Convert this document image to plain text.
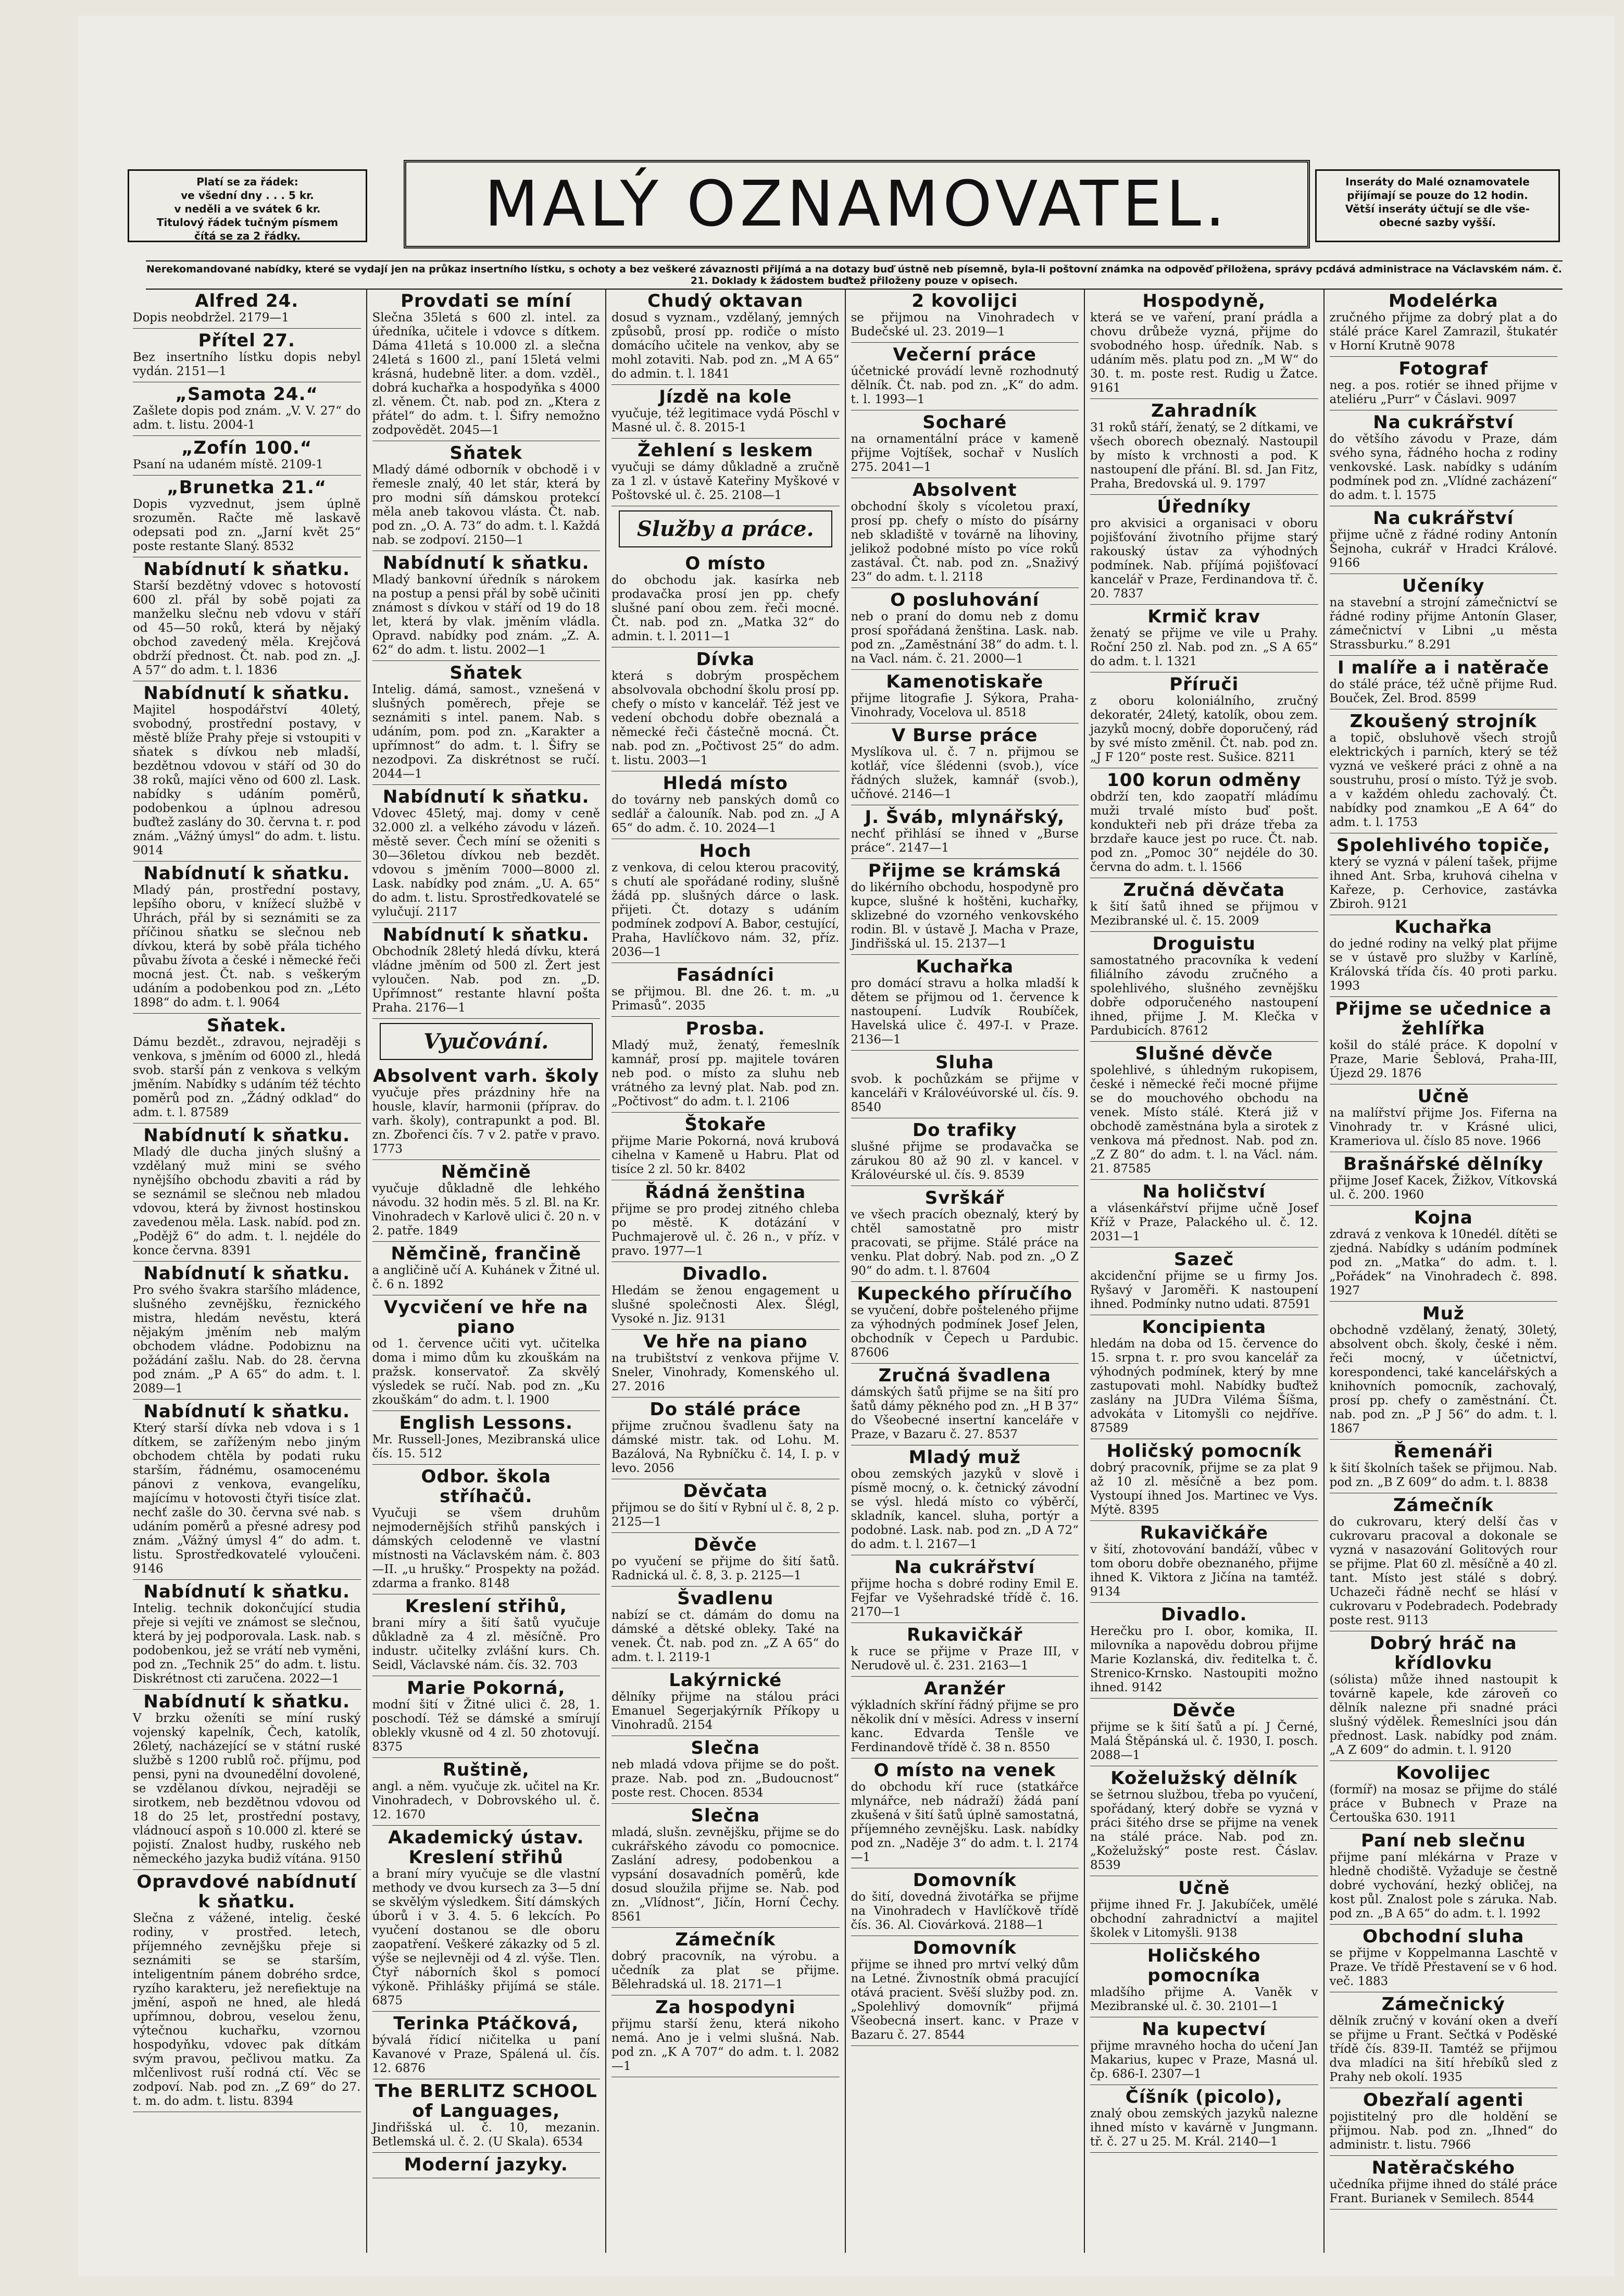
Platí se za řádek:
ve všední dny . . . 5 kr.
v neděli a ve svátek 6 kr.
Titulový řádek tučným písmem
čítá se za 2 řádky.	MALÝ OZNAMOVATEL.	Inseráty do Malé oznamovatele
přijímají se pouze do 12 hodin.
Větší inseráty účtují se dle vše-
obecné sazby vyšší.
Nerekomandované nabídky, které se vydají jen na průkaz insertního lístku, s ochoty a bez veškeré závaznosti přijímá a na dotazy buď ústně neb písemně, byla-li poštovní známka na odpověď přiložena, správy pcdává administrace na Václavském nám. č. 21. Doklady k žádostem buďtež přiloženy pouze v opisech.
Alfred 24.

Dopis neobdržel. 2179—1

Přítel 27.

Bez insertního lístku dopis nebyl vydán. 2151—1

„Samota 24.“

Zašlete dopis pod znám. „V. V. 27“ do adm. t. listu. 2004-1

„Zofín 100.“

Psaní na udaném místě. 2109-1

„Brunetka 21.“

Dopis vyzvednut, jsem úplně srozuměn. Račte mě laskavě odepsati pod zn. „Jarní květ 25“ poste restante Slaný. 8532

Nabídnutí k sňatku.

Starší bezdětný vdovec s hotovostí 600 zl. přál by sobě pojati za manželku slečnu neb vdovu v stáří od 45—50 roků, která by nějaký obchod zavedený měla. Krejčová obdrží přednost. Čt. nab. pod zn. „J. A 57“ do adm. t. l. 1836

Nabídnutí k sňatku.

Majitel hospodářství 40letý, svobodný, prostřední postavy, v městě blíže Prahy přeje si vstoupiti v sňatek s dívkou neb mladší, bezdětnou vdovou v stáří od 30 do 38 roků, majíci věno od 600 zl. Lask. nabídky s udáním poměrů, podobenkou a úplnou adresou buďtež zaslány do 30. června t. r. pod znám. „Vážný úmysl“ do adm. t. listu. 9014

Nabídnutí k sňatku.

Mladý pán, prostřední postavy, lepšího oboru, v knížecí službě v Uhrách, přál by si seznámiti se za příčinou sňatku se slečnou neb dívkou, která by sobě přála tichého půvabu žívota a české i německé řeči mocná jest. Čt. nab. s veškerým udáním a podobenkou pod zn. „Léto 1898“ do adm. t. l. 9064

Sňatek.

Dámu bezdět., zdravou, nejraději s venkova, s jměním od 6000 zl., hledá svob. starší pán z venkova s velkým jměním. Nabídky s udáním též téchto poměrů pod zn. „Žádný odklad“ do adm. t. l. 87589

Nabídnutí k sňatku.

Mladý dle ducha jiných slušný a vzdělaný muž mini se svého nynějšího obchodu zbaviti a rád by se seznámil se slečnou neb mladou vdovou, která by živnost hostinskou zavedenou měla. Lask. nabíd. pod zn. „Podějž 6“ do adm. t. l. nejdéle do konce června. 8391

Nabídnutí k sňatku.

Pro svého švakra staršího mládence, slušného zevnějšku, řeznického mistra, hledám nevěstu, která nějakým jměním neb malým obchodem vládne. Podobiznu na požádání zašlu. Nab. do 28. června pod znám. „P A 65“ do adm. t. l. 2089—1

Nabídnutí k sňatku.

Který starší dívka neb vdova i s 1 dítkem, se zaříženým nebo jiným obchodem chtěla by podati ruku starším, řádnému, osamocenému pánovi z venkova, evangelíku, majícímu v hotovosti čtyři tisíce zlat. nechť zašle do 30. června své nab. s udáním poměrů a přesné adresy pod znám. „Vážný úmysl 4“ do adm. t. listu. Sprostředkovatelé vyloučeni. 9146

Nabídnutí k sňatku.

Intelig. technik dokončující studia přeje si vejíti ve známost se slečnou, která by jej podporovala. Lask. nab. s podobenkou, jež se vrátí neb vyměni, pod zn. „Technik 25“ do adm. t. listu. Diskrétnost cti zaručena. 2022—1

Nabídnutí k sňatku.

V brzku oženíti se míní ruský vojenský kapelník, Čech, katolík, 26letý, nacházející se v státní ruské službě s 1200 rublů roč. příjmu, pod pensi, pyni na dvounedělní dovolené, se vzdělanou dívkou, nejraději se sirotkem, neb bezdětnou vdovou od 18 do 25 let, prostřední postavy, vládnoucí aspoň s 10.000 zl. které se pojistí. Znalost hudby, ruského neb německého jazyka budiž vítána. 9150

Opravdové nabídnutí k sňatku.

Slečna z vážené, intelig. české rodiny, v prostřed. letech, příjemného zevnějšku přeje si seznámiti se se starším, inteligentním pánem dobrého srdce, ryzího karakteru, jež nerefiektuje na jmění, aspoň ne hned, ale hledá upřímnou, dobrou, veselou ženu, výtečnou kuchařku, vzornou hospodyňku, vdovec pak dítkám svým pravou, pečlivou matku. Za mlčenlivost ruší rodná ctí. Věc se zodpoví. Nab. pod zn. „Z 69“ do 27. t. m. do adm. t. listu. 8394

Provdati se míní

Slečna 35letá s 600 zl. intel. za úředníka, učitele i vdovce s dítkem. Dáma 41letá s 10.000 zl. a slečna 24letá s 1600 zl., paní 15letá velmi krásná, hudebně liter. a dom. vzděl., dobrá kuchařka a hospodyňka s 4000 zl. věnem. Čt. nab. pod zn. „Ktera z přátel“ do adm. t. l. Šifry nemožno zodpovědět. 2045—1

Sňatek

Mladý dámé odborník v obchodě i v řemesle znalý, 40 let stár, která by pro modni síň dámskou protekcí měla aneb takovou vlásta. Čt. nab. pod zn. „O. A. 73“ do adm. t. l. Každá nab. se zodpoví. 2150—1

Nabídnutí k sňatku.

Mladý bankovní úředník s nárokem na postup a pensi přál by sobě učiniti známost s dívkou v stáří od 19 do 18 let, která by vlak. jměním vládla. Opravd. nabídky pod znám. „Z. A. 62“ do adm. t. listu. 2002—1

Sňatek

Intelig. dámá, samost., vznešená v slušných poměrech, přeje se seznámiti s intel. panem. Nab. s udáním, pom. pod zn. „Karakter a upřímnost“ do adm. t. l. Šifry se nezodpovi. Za diskrétnost se ručí. 2044—1

Nabídnutí k sňatku.

Vdovec 45letý, maj. domy v ceně 32.000 zl. a velkého závodu v lázeň. městě sever. Čech míní se oženiti s 30—36letou dívkou neb bezdět. vdovou s jměním 7000—8000 zl. Lask. nabídky pod znám. „U. A. 65“ do adm. t. listu. Sprostředkovatelé se vylučují. 2117

Nabídnutí k sňatku.

Obchodník 28letý hledá dívku, která vládne jměním od 500 zl. Žert jest vyloučen. Nab. pod zn. „D. Upřímnost“ restante hlavní pošta Praha. 2176—1

Vyučování.
Absolvent varh. školy

vyučuje přes prázdniny hře na housle, klavír, harmonii (příprav. do varh. školy), contrapunkt a pod. Bl. zn. Zbořenci čís. 7 v 2. patře v pravo. 1773

Němčině

vyučuje důkladně dle lehkého návodu. 32 hodin měs. 5 zl. Bl. na Kr. Vinohradech v Karlově ulici č. 20 n. v 2. patře. 1849

Němčině, frančině

a angličině učí A. Kuhánek v Žitné ul. č. 6 n. 1892

Vycvičení ve hře na piano

od 1. července učiti vyt. učitelka doma i mimo dům ku zkouškám na pražsk. konservatoř. Za skvělý výsledek se ručí. Nab. pod zn. „Ku zkouškám“ do adm. t. l. 1900

English Lessons.

Mr. Russell-Jones, Mezibranská ulice čís. 15. 512

Odbor. škola stříhačů.

Vyučuji se všem druhům nejmodernějších střihů panských i dámských celodenně ve vlastní místnosti na Václavském nám. č. 803—II. „u hrušky.“ Prospekty na požád. zdarma a franko. 8148

Kreslení střihů,

brani míry a šití šatů vyučuje důkladně za 4 zl. měsíčně. Pro industr. učitelky zvlášní kurs. Ch. Seidl, Václavské nám. čís. 32. 703

Marie Pokorná,

modní šití v Žitné ulici č. 28, 1. poschodí. Též se dámské a smírují oblekly vkusně od 4 zl. 50 zhotovují. 8375

Ruštině,

angl. a něm. vyučuje zk. učitel na Kr. Vinohradech, v Dobrovského ul. č. 12. 1670

Akademický ústav. Kreslení střihů

a braní míry vyučuje se dle vlastní methody ve dvou kursech za 3—5 dní se skvělým výsledkem. Šití dámských úborů i v 3. 4. 5. 6 lekcích. Po vyučení dostanou se dle oboru zaopatření. Veškeré zákazky od 5 zl. výše se nejlevněji od 4 zl. výše. Tlen. Čtyř náborních škol s pomocí výkoně. Přihlášky přijímá se stále. 6875

Terinka Ptáčková,

bývalá řídicí ničitelka u paní Kavanové v Praze, Spálená ul. čís. 12. 6876

The BERLITZ SCHOOL of Languages,

Jindřišská ul. č. 10, mezanin. Betlemská ul. č. 2. (U Skala). 6534

Moderní jazyky.
Chudý oktavan

dosud s vyznam., vzdělaný, jemných způsobů, prosí pp. rodiče o místo domácího učitele na venkov, aby se mohl zotaviti. Nab. pod zn. „M A 65“ do admin. t. l. 1841

Jízdě na kole

vyučuje, též legitimace vydá Pöschl v Masné ul. č. 8. 2015-1

Žehlení s leskem

vyučuji se dámy důkladně a zručně za 1 zl. v ústavě Kateřiny Myškové v Poštovské ul. č. 25. 2108—1

Služby a práce.
O místo

do obchodu jak. kasírka neb prodavačka prosí jen pp. chefy slušné paní obou zem. řeči mocné. Čt. nab. pod zn. „Matka 32“ do admin. t. l. 2011—1

Dívka

která s dobrým prospěchem absolvovala obchodní školu prosí pp. chefy o místo v kancelář. Též jest ve vedení obchodu dobře obeznalá a německé řeči částečně mocná. Čt. nab. pod zn. „Počtivost 25“ do adm. t. listu. 2003—1

Hledá místo

do továrny neb panských domů co sedlář a čalouník. Nab. pod zn. „J A 65“ do adm. č. 10. 2024—1

Hoch

z venkova, di celou kterou pracovitý, s chutí ale spořádané rodiny, slušně žádá pp. slušných dárce o lask. přijeti. Čt. dotazy s udáním podmínek zodpoví A. Babor, cestující, Praha, Havlíčkovo nám. 32, příz. 2036—1

Fasádníci

se přijmou. Bl. dne 26. t. m. „u Primasů“. 2035

Prosba.

Mladý muž, ženatý, řemeslník kamnář, prosí pp. majitele továren neb pod. o místo za sluhu neb vrátného za levný plat. Nab. pod zn. „Počtivost“ do adm. t. l. 2106

Štokaře

přijme Marie Pokorná, nová krubová cihelna v Kameně u Habru. Plat od tisíce 2 zl. 50 kr. 8402

Řádná ženština

přijme se pro prodej zitného chleba po městě. K dotázání v Puchmajerově ul. č. 26 n., v příz. v pravo. 1977—1

Divadlo.

Hledám se ženou engagement u slušné společnosti Alex. Šlégl, Vysoké n. Jiz. 9131

Ve hře na piano

na trubištství z venkova přijme V. Sneler, Vinohrady, Komenského ul. 27. 2016

Do stálé práce

přijme zručnou švadlenu šaty na dámské mistr. tak. od Lohu. M. Bazálová, Na Rybníčku č. 14, I. p. v levo. 2056

Děvčata

přijmou se do šití v Rybní ul č. 8, 2 p. 2125—1

Děvče

po vyučení se přijme do šití šatů. Radnická ul. č. 8, 3. p. 2125—1

Švadlenu

nabízí se ct. dámám do domu na dámské a dětské obleky. Také na venek. Čt. nab. pod zn. „Z A 65“ do adm. t. l. 2119-1

Lakýrnické

dělníky přijme na stálou práci Emanuel Segerjakýrník Příkopy u Vinohradů. 2154

Slečna

neb mladá vdova přijme se do pošt. praze. Nab. pod zn. „Budoucnost“ poste rest. Chocen. 8534

Slečna

mladá, slušn. zevnějšku, přijme se do cukrářského závodu co pomocnice. Zaslání adresy, podobenkou a vypsání dosavadních poměrů, kde dosud sloužila přijme se. Nab. pod zn. „Vlídnost“, Jičín, Horní Čechy. 8561

Zámečník

dobrý pracovník, na výrobu. a učedník za plat se přijme. Bělehradská ul. 18. 2171—1

Za hospodyni

přijmu starší ženu, která nikoho nemá. Ano je i velmi slušná. Nab. pod zn. „K A 707“ do adm. t. l. 2082—1

2 kovolijci

se přijmou na Vinohradech v Budečské ul. 23. 2019—1

Večerní práce

účetnické provádí levně rozhodnutý dělník. Čt. nab. pod zn. „K“ do adm. t. l. 1993—1

Socharé

na ornamentální práce v kameně přijme Vojtíšek, sochař v Nuslích 275. 2041—1

Absolvent

obchodní školy s vícoletou praxí, prosí pp. chefy o místo do písárny neb skladiště v továrně na lihoviny, jelikož podobné místo po více roků zastával. Čt. nab. pod zn. „Snaživý 23“ do adm. t. l. 2118

O posluhování

neb o praní do domu neb z domu prosí spořádaná ženština. Lask. nab. pod zn. „Zaměstnání 38“ do adm. t. l. na Vacl. nám. č. 21. 2000—1

Kamenotiskaře

přijme litografie J. Sýkora, Praha-Vinohrady, Vocelova ul. 8518

V Burse práce

Myslíkova ul. č. 7 n. přijmou se kotlář, více šlédenni (svob.), více řádných služek, kamnář (svob.), učňové. 2146—1

J. Šváb, mlynářský,

nechť přihlásí se ihned v „Burse práce“. 2147—1

Přijme se krámská

do likérního obchodu, hospodyně pro kupce, slušné k hoštěni, kuchařky, sklizebné do vzorného venkovského rodin. Bl. v ústavě J. Macha v Praze, Jindřišská ul. 15. 2137—1

Kuchařka

pro domácí stravu a holka mladší k dětem se přijmou od 1. července k nastoupení. Ludvík Roubíček, Havelská ulice č. 497-I. v Praze. 2136—1

Sluha

svob. k pochůzkám se přijme v kanceláři v Královéúvorské ul. čís. 9. 8540

Do trafiky

slušné přijme se prodavačka se zárukou 80 až 90 zl. v kancel. v Královéurské ul. čís. 9. 8539

Svrškář

ve všech pracích obeznalý, který by chtěl samostatně pro mistr pracovati, se přijme. Stálé práce na venku. Plat dobrý. Nab. pod zn. „O Z 90“ do adm. t. l. 87604

Kupeckého příručího

se vyučení, dobře pošteleného přijme za výhodných podmínek Josef Jelen, obchodník v Čepech u Pardubic. 87606

Zručná švadlena

dámských šatů přijme se na šití pro šatů dámy pěkného pod zn. „H B 37“ do Všeobecné insertní kanceláře v Praze, v Bazaru č. 27. 8537

Mladý muž

obou zemských jazyků v slově i písmě mocný, o. k. četnický závodní se výsl. hledá místo co výběrčí, skladník, kancel. sluha, portýr a podobné. Lask. nab. pod zn. „D A 72“ do adm. t. l. 2167—1

Na cukrářství

přijme hocha s dobré rodiny Emil E. Fejfar ve Vyšehradské třídě č. 16. 2170—1

Rukavičkář

k ruce se přijme v Praze III, v Nerudově ul. č. 231. 2163—1

Aranžér

výkladních skříní řádný přijme se pro několik dní v měsíci. Adress v inserní kanc. Edvarda Tenšle ve Ferdinandově třídě č. 38 n. 8550

O místo na venek

do obchodu kří ruce (statkářce mlynářce, neb nádraží) žádá paní zkušená v šití šatů úplně samostatná, příjemného zevnějšku. Lask. nabídky pod zn. „Naděje 3“ do adm. t. l. 2174—1

Domovník

do šití, dovedná životářka se přijme na Vinohradech v Havlíčkově třídě čís. 36. Al. Ciovárková. 2188—1

Domovník

přijme se ihned pro mrtví velký dům na Letné. Živnostník obmá pracující otává pracient. Svěší služby pod. zn. „Spolehlivý domovník“ přijmá Všeobecná insert. kanc. v Praze v Bazaru č. 27. 8544

Hospodyně,

která se ve vaření, praní prádla a chovu drůbeže vyzná, přijme do svobodného hosp. úředník. Nab. s udáním měs. platu pod zn. „M W“ do 30. t. m. poste rest. Rudig u Žatce. 9161

Zahradník

31 roků stáří, ženatý, se 2 dítkami, ve všech oborech obeznalý. Nastoupil by místo k vrchnosti a pod. K nastoupení dle přání. Bl. sd. Jan Fitz, Praha, Bredovská ul. 9. 1797

Úředníky

pro akvisici a organisaci v oboru pojišťování životního přijme starý rakouský ústav za výhodných podmínek. Nab. příjímá pojišťovací kancelář v Praze, Ferdinandova tř. č. 20. 7837

Krmič krav

ženatý se přijme ve vile u Prahy. Roční 250 zl. Nab. pod zn. „S A 65“ do adm. t. l. 1321

Příruči

z oboru koloniálního, zručný dekoratér, 24letý, katolík, obou zem. jazyků mocný, dobře doporučený, rád by své místo změnil. Čt. nab. pod zn. „J F 120“ poste rest. Sušice. 8211

100 korun odměny

obdrží ten, kdo zaopatří mládímu muži trvalé místo buď pošt. kondukteři neb při dráze třeba za brzdaře kauce jest po ruce. Čt. nab. pod zn. „Pomoc 30“ nejdéle do 30. června do adm. t. l. 1566

Zručná děvčata

k šití šatů ihned se přijmou v Mezibranské ul. č. 15. 2009

Droguistu

samostatného pracovníka k vedení filiálního závodu zručného a spolehlivého, slušného zevnějšku dobře odporučeného nastoupení ihned, přijme J. M. Klečka v Pardubicích. 87612

Slušné děvče

spolehlivé, s úhledným rukopisem, české i německé řeči mocné přijme se do mouchového obchodu na venek. Místo stálé. Která již v obchodě zaměstnána byla a sirotek z venkova má přednost. Nab. pod zn. „Z Z 80“ do adm. t. l. na Václ. nám. 21. 87585

Na holičství

a vlásenkářství přijme učně Josef Kříž v Praze, Palackého ul. č. 12. 2031—1

Sazeč

akcidenční přijme se u firmy Jos. Ryšavý v Jaroměři. K nastoupení ihned. Podmínky nutno udati. 87591

Koncipienta

hledám na doba od 15. července do 15. srpna t. r. pro svou kancelář za výhodných podmínek, který by mne zastupovati mohl. Nabídky buďtež zaslány na JUDra Viléma Šíšma, advokáta v Litomyšli co nejdříve. 87589

Holičský pomocník

dobrý pracovník, přijme se za plat 9 až 10 zl. měsíčně a bez pom. Vystoupí ihned Jos. Martinec ve Vys. Mýtě. 8395

Rukavičkáře

v šití, zhotovování bandáží, vůbec v tom oboru dobře obeznaného, přijme ihned K. Viktora z Jičína na tamtéž. 9134

Divadlo.

Herečku pro I. obor, komika, II. milovníka a napovědu dobrou přijme Marie Kozlanská, div. ředitelka t. č. Strenico-Krnsko. Nastoupiti možno ihned. 9142

Děvče

přijme se k šití šatů a pí. J Černé, Malá Štěpánská ul. č. 1930, I. posch. 2088—1

Koželužský dělník

se šetrnou službou, třeba po vyučení, spořádaný, který dobře se vyzná v práci šitého drse se přijme na venek na stálé práce. Nab. pod zn. „Koželužský“ poste rest. Čáslav. 8539

Učně

přijme ihned Fr. J. Jakubíček, umělé obchodní zahradnictví a majitel školek v Litomyšli. 9138

Holičského pomocníka

mladšího přijme A. Vaněk v Mezibranské ul. č. 30. 2101—1

Na kupectví

přijme mravného hocha do učení Jan Makarius, kupec v Praze, Masná ul. čp. 686-I. 2307—1

Číšník (picolo),

znalý obou zemských jazyků nalezne ihned místo v kavárně v Jungmann. tř. č. 27 u 25. M. Král. 2140—1

Modelérka

zručného přijme za dobrý plat a do stálé práce Karel Zamrazil, štukatér v Horní Krutně 9078

Fotograf

neg. a pos. rotiér se ihned přijme v ateliéru „Purr“ v Čáslavi. 9097

Na cukrářství

do většího závodu v Praze, dám svého syna, řádného hocha z rodiny venkovské. Lask. nabídky s udáním podmínek pod zn. „Vlídné zacházení“ do adm. t. l. 1575

Na cukrářství

přijme učně z řádné rodiny Antonín Šejnoha, cukrář v Hradci Králové. 9166

Učeníky

na stavební a strojní zámečnictví se řádné rodiny přijme Antonín Glaser, zámečnictví v Libni „u města Strassburku.“ 8.291

I malíře a i natěrače

do stálé práce, též učně přijme Rud. Bouček, Zel. Brod. 8599

Zkoušený strojník

a topič, obsluhově všech strojů elektrických i parních, který se též vyzná ve veškeré práci z ohně a na soustruhu, prosí o místo. Týž je svob. a v každém ohledu zachovalý. Čt. nabídky pod znamkou „E A 64“ do adm. t. l. 1753

Spolehlivého topiče,

který se vyzná v pálení tašek, přijme ihned Ant. Srba, kruhová cihelna v Kařeze, p. Cerhovice, zastávka Zbiroh. 9121

Kuchařka

do jedné rodiny na velký plat přijme se v ústavě pro služby v Karlíně, Královská třída čís. 40 proti parku. 1993

Přijme se učednice a žehlířka

košil do stálé práce. K dopolní v Praze, Marie Šeblová, Praha-III, Újezd 29. 1876

Učně

na malířství přijme Jos. Fiferna na Vinohrady tr. v Krásné ulici, Krameriova ul. číslo 85 nove. 1966

Brašnářské dělníky

přijme Josef Kacek, Žižkov, Vítkovská ul. č. 200. 1960

Kojna

zdravá z venkova k 10nedél. dítěti se zjedná. Nabídky s udáním podmínek pod zn. „Matka“ do adm. t. l. „Pořádek“ na Vinohradech č. 898. 1927

Muž

obchodně vzdělaný, ženatý, 30letý, absolvent obch. školy, české i něm. řeči mocný, v účetnictví, korespondenci, také kancelářských a knihovních pomocník, zachovalý, prosí pp. chefy o zaměstnání. Čt. nab. pod zn. „P J 56“ do adm. t. l. 1867

Řemenáři

k šití školních tašek se přijmou. Nab. pod zn. „B Z 609“ do adm. t. l. 8838

Zámečník

do cukrovaru, který delší čas v cukrovaru pracoval a dokonale se vyzná v nasazování Golitových rour se přijme. Plat 60 zl. měsíčně a 40 zl. tant. Místo jest stálé s dobrý. Uchazeči řádně nechť se hlásí v cukrovaru v Podebradech. Podebrady poste rest. 9113

Dobrý hráč na křídlovku

(sólista) může ihned nastoupit k továrně kapele, kde zároveň co dělník nalezne při snadné práci slušný výdělek. Řemeslníci jsou dán přednost. Lask. nabídky pod znám. „A Z 609“ do admin. t. l. 9120

Kovolijec

(formíř) na mosaz se přijme do stálé práce v Bubnech v Praze na Čertouška 630. 1911

Paní neb slečnu

přijme paní mlékárna v Praze v hledně chodiště. Vyžaduje se čestně dobré vychování, hezký obličej, na kost půl. Znalost pole s záruka. Nab. pod zn. „B A 65“ do adm. t. l. 1992

Obchodní sluha

se přijme v Koppelmanna Laschtě v Praze. Ve třídě Přestavení se v 6 hod. več. 1883

Zámečnický

dělník zručný v kování oken a dveří se přijme u Frant. Sečtká v Poděské třídě čís. 839-II. Tamtéž se přijmou dva mladíci na šití hřebíků sled z Prahy neb okolí. 1935

Obezřalí agenti

pojistitelný pro dle holdění se přijmou. Nab. pod zn. „Ihned“ do administr. t. listu. 7966

Natěračského

učedníka přijme ihned do stálé práce Frant. Burianek v Semilech. 8544
